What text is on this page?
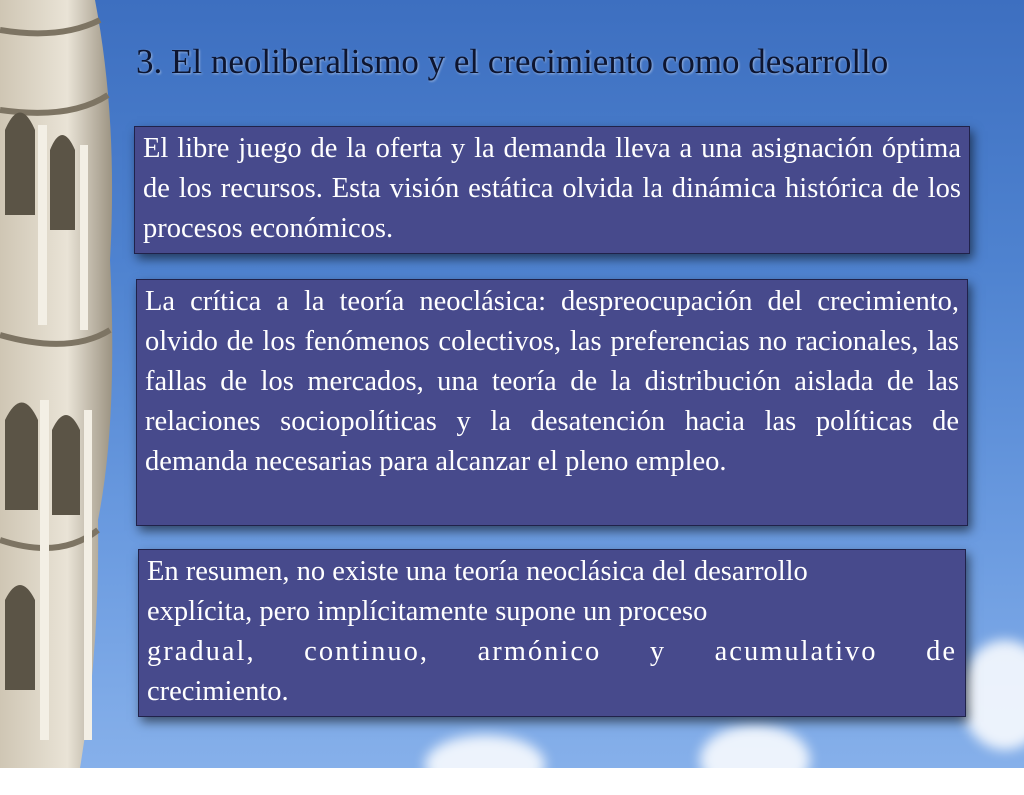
3. El neoliberalismo y el crecimiento como desarrollo

El libre juego de la oferta y la demanda lleva a una asignación óptima de los recursos. Esta visión estática olvida la dinámica histórica de los procesos económicos.

La crítica a la teoría neoclásica: despreocupación del crecimiento, olvido de los fenómenos colectivos, las preferencias no racionales, las fallas de los mercados, una teoría de la distribución aislada de las relaciones sociopolíticas y la desatención hacia las políticas de demanda necesarias para alcanzar el pleno empleo.

En resumen, no existe una teoría neoclásica del desarrollo

explícita, pero implícitamente supone un proceso

gradual, continuo, armónico y acumulativo de

crecimiento.
